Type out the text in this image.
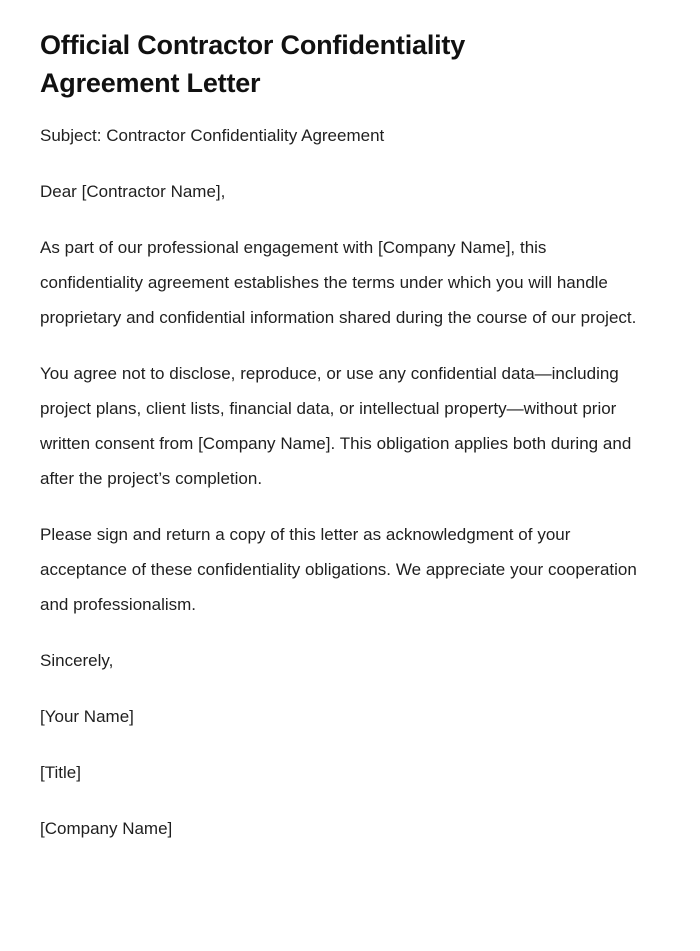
Official Contractor Confidentiality Agreement Letter

Subject: Contractor Confidentiality Agreement

Dear [Contractor Name],

As part of our professional engagement with [Company Name], this confidentiality agreement establishes the terms under which you will handle proprietary and confidential information shared during the course of our project.

You agree not to disclose, reproduce, or use any confidential data—including project plans, client lists, financial data, or intellectual property—without prior written consent from [Company Name]. This obligation applies both during and after the project’s completion.

Please sign and return a copy of this letter as acknowledgment of your acceptance of these confidentiality obligations. We appreciate your cooperation and professionalism.

Sincerely,

[Your Name]

[Title]

[Company Name]
